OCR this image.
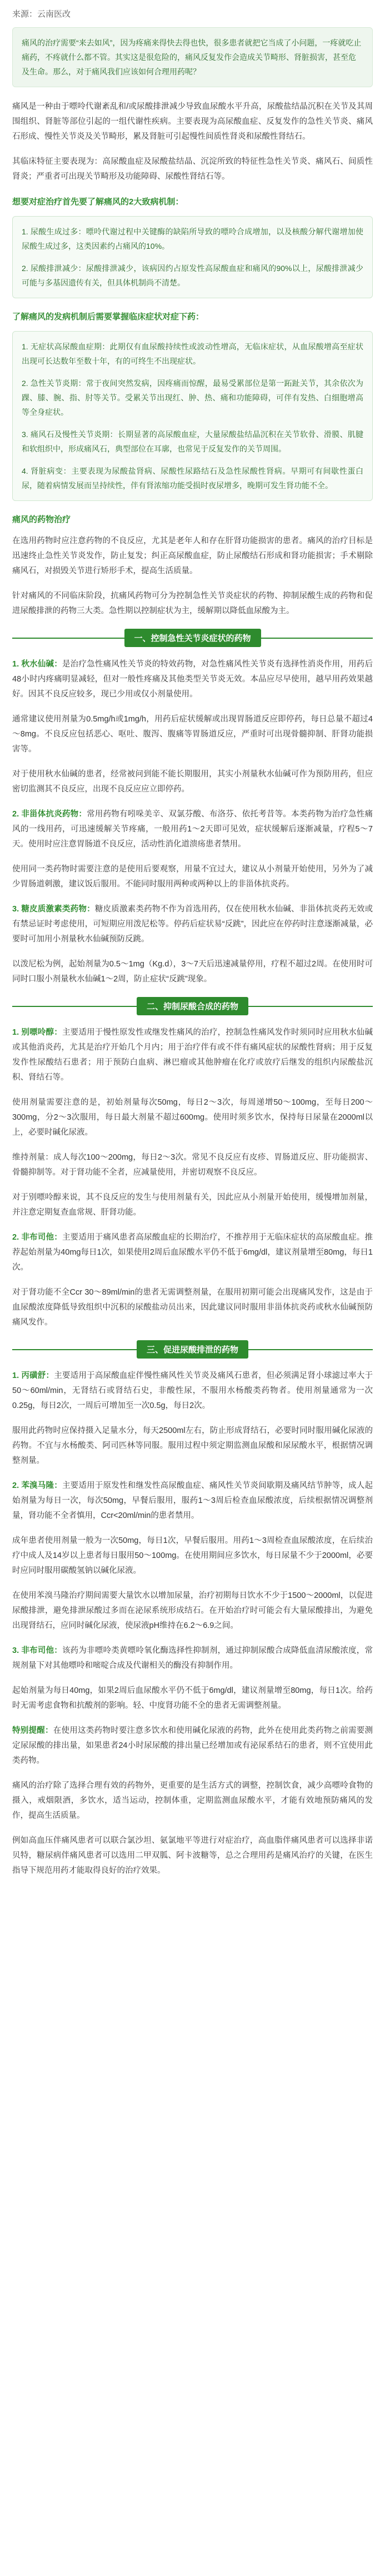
来源：云南医改
痛风的治疗需要“来去如风”，因为疼痛来得快去得也快，很多患者就把它当成了小问题，一疼就吃止痛药，不疼就什么都不管。其实这是很危险的，痛风反复发作会造成关节畸形、肾脏损害，甚至危及生命。那么，对于痛风我们应该如何合理用药呢？

痛风是一种由于嘌呤代谢紊乱和/或尿酸排泄减少导致血尿酸水平升高，尿酸盐结晶沉积在关节及其周围组织、肾脏等部位引起的一组代谢性疾病。主要表现为高尿酸血症、反复发作的急性关节炎、痛风石形成、慢性关节炎及关节畸形，累及肾脏可引起慢性间质性肾炎和尿酸性肾结石。

其临床特征主要表现为：高尿酸血症及尿酸盐结晶、沉淀所致的特征性急性关节炎、痛风石、间质性肾炎；严重者可出现关节畸形及功能障碍、尿酸性肾结石等。

想要对症治疗首先要了解痛风的2大致病机制：

1. 尿酸生成过多：嘌呤代谢过程中关键酶的缺陷所导致的嘌呤合成增加，以及核酸分解代谢增加使尿酸生成过多，这类因素约占痛风的10%。

2. 尿酸排泄减少：尿酸排泄减少，该病因约占原发性高尿酸血症和痛风的90%以上，尿酸排泄减少可能与多基因遗传有关，但具体机制尚不清楚。

了解痛风的发病机制后需要掌握临床症状对症下药：

1. 无症状高尿酸血症期：此期仅有血尿酸持续性或波动性增高，无临床症状，从血尿酸增高至症状出现可长达数年至数十年，有的可终生不出现症状。

2. 急性关节炎期：常于夜间突然发病，因疼痛而惊醒，最易受累部位是第一跖趾关节，其余依次为踝、膝、腕、指、肘等关节。受累关节出现红、肿、热、痛和功能障碍，可伴有发热、白细胞增高等全身症状。

3. 痛风石及慢性关节炎期：长期显著的高尿酸血症，大量尿酸盐结晶沉积在关节软骨、滑膜、肌腱和软组织中，形成痛风石，典型部位在耳廓，也常见于反复发作的关节周围。

4. 肾脏病变：主要表现为尿酸盐肾病、尿酸性尿路结石及急性尿酸性肾病。早期可有间歇性蛋白尿，随着病情发展而呈持续性，伴有肾浓缩功能受损时夜尿增多，晚期可发生肾功能不全。

痛风的药物治疗

在选用药物时应注意药物的不良反应，尤其是老年人和存在肝肾功能损害的患者。痛风的治疗目标是迅速终止急性关节炎发作，防止复发；纠正高尿酸血症，防止尿酸结石形成和肾功能损害；手术剔除痛风石，对损毁关节进行矫形手术，提高生活质量。

针对痛风的不同临床阶段，抗痛风药物可分为控制急性关节炎症状的药物、抑制尿酸生成的药物和促进尿酸排泄的药物三大类。急性期以控制症状为主，缓解期以降低血尿酸为主。

一、控制急性关节炎症状的药物

1. 秋水仙碱：是治疗急性痛风性关节炎的特效药物，对急性痛风性关节炎有选择性消炎作用，用药后48小时内疼痛明显减轻，但对一般性疼痛及其他类型关节炎无效。本品应尽早使用，越早用药效果越好。因其不良反应较多，现已少用或仅小剂量使用。

通常建议使用剂量为0.5mg/h或1mg/h，用药后症状缓解或出现胃肠道反应即停药，每日总量不超过4～8mg。不良反应包括恶心、呕吐、腹泻、腹痛等胃肠道反应，严重时可出现骨髓抑制、肝肾功能损害等。

对于使用秋水仙碱的患者，经常被问到能不能长期服用，其实小剂量秋水仙碱可作为预防用药，但应密切监测其不良反应，出现不良反应应立即停药。

2. 非甾体抗炎药物：常用药物有吲哚美辛、双氯芬酸、布洛芬、依托考昔等。本类药物为治疗急性痛风的一线用药，可迅速缓解关节疼痛，一般用药1～2天即可见效，症状缓解后逐渐减量，疗程5～7天。使用时应注意胃肠道不良反应，活动性消化道溃疡患者禁用。

使用同一类药物时需要注意的是使用后要观察，用量不宜过大，建议从小剂量开始使用，另外为了减少胃肠道刺激，建议饭后服用。不能同时服用两种或两种以上的非甾体抗炎药。

3. 糖皮质激素类药物：糖皮质激素类药物不作为首选用药，仅在使用秋水仙碱、非甾体抗炎药无效或有禁忌证时考虑使用，可短期应用泼尼松等。停药后症状易“反跳”，因此应在停药时注意逐渐减量，必要时可加用小剂量秋水仙碱预防反跳。

以泼尼松为例，起始剂量为0.5～1mg（Kg.d），3～7天后迅速减量停用，疗程不超过2周。在使用时可同时口服小剂量秋水仙碱1～2周，防止症状“反跳”现象。

二、抑制尿酸合成的药物

1. 别嘌呤醇：主要适用于慢性原发性或继发性痛风的治疗，控制急性痛风发作时须同时应用秋水仙碱或其他消炎药，尤其是治疗开始几个月内；用于治疗伴有或不伴有痛风症状的尿酸性肾病；用于反复发作性尿酸结石患者；用于预防白血病、淋巴瘤或其他肿瘤在化疗或放疗后继发的组织内尿酸盐沉积、肾结石等。

使用剂量需要注意的是，初始剂量每次50mg，每日2～3次，每周递增50～100mg，至每日200～300mg，分2～3次服用，每日最大剂量不超过600mg。使用时须多饮水，保持每日尿量在2000ml以上，必要时碱化尿液。

维持剂量：成人每次100～200mg，每日2～3次。常见不良反应有皮疹、胃肠道反应、肝功能损害、骨髓抑制等。对于肾功能不全者，应减量使用，并密切观察不良反应。

对于别嘌呤醇来说，其不良反应的发生与使用剂量有关，因此应从小剂量开始使用，缓慢增加剂量，并注意定期复查血常规、肝肾功能。

2. 非布司他：主要适用于痛风患者高尿酸血症的长期治疗，不推荐用于无临床症状的高尿酸血症。推荐起始剂量为40mg每日1次，如果使用2周后血尿酸水平仍不低于6mg/dl，建议剂量增至80mg，每日1次。

对于肾功能不全Ccr 30～89ml/min的患者无需调整剂量，在服用初期可能会出现痛风发作，这是由于血尿酸浓度降低导致组织中沉积的尿酸盐动员出来，因此建议同时服用非甾体抗炎药或秋水仙碱预防痛风发作。

三、促进尿酸排泄的药物

1. 丙磺舒：主要适用于高尿酸血症伴慢性痛风性关节炎及痛风石患者，但必须满足肾小球滤过率大于50～60ml/min，无肾结石或肾结石史，非酸性尿，不服用水杨酸类药物者。使用剂量通常为一次0.25g，每日2次，一周后可增加至一次0.5g，每日2次。

服用此药物时应保持摄入足量水分，每天2500ml左右，防止形成肾结石，必要时同时服用碱化尿液的药物。不宜与水杨酸类、阿司匹林等同服。服用过程中须定期监测血尿酸和尿尿酸水平，根据情况调整剂量。

2. 苯溴马隆：主要适用于原发性和继发性高尿酸血症、痛风性关节炎间歇期及痛风结节肿等，成人起始剂量为每日一次，每次50mg，早餐后服用，服药1～3周后检查血尿酸浓度，后续根据情况调整剂量，肾功能不全者慎用，Ccr<20ml/min的患者禁用。

成年患者使用剂量一般为一次50mg，每日1次，早餐后服用。用药1～3周检查血尿酸浓度，在后续治疗中成人及14岁以上患者每日服用50～100mg。在使用期间应多饮水，每日尿量不少于2000ml，必要时应同时服用碳酸氢钠以碱化尿液。

在使用苯溴马隆治疗期间需要大量饮水以增加尿量，治疗初期每日饮水不少于1500～2000ml，以促进尿酸排泄，避免排泄尿酸过多而在泌尿系统形成结石。在开始治疗时可能会有大量尿酸排出，为避免出现肾结石，应同时碱化尿液，使尿液pH维持在6.2～6.9之间。

3. 非布司他：该药为非嘌呤类黄嘌呤氧化酶选择性抑制剂，通过抑制尿酸合成降低血清尿酸浓度，常规剂量下对其他嘌呤和嘧啶合成及代谢相关的酶没有抑制作用。

起始剂量为每日40mg，如果2周后血尿酸水平仍不低于6mg/dl，建议剂量增至80mg，每日1次。给药时无需考虑食物和抗酸剂的影响。轻、中度肾功能不全的患者无需调整剂量。

特别提醒：在使用这类药物时要注意多饮水和使用碱化尿液的药物，此外在使用此类药物之前需要测定尿尿酸的排出量，如果患者24小时尿尿酸的排出量已经增加或有泌尿系结石的患者，则不宜使用此类药物。

痛风的治疗除了选择合理有效的药物外，更重要的是生活方式的调整，控制饮食，减少高嘌呤食物的摄入，戒烟限酒，多饮水，适当运动，控制体重，定期监测血尿酸水平，才能有效地预防痛风的发作，提高生活质量。

例如高血压伴痛风患者可以联合氯沙坦、氨氯地平等进行对症治疗，高血脂伴痛风患者可以选择非诺贝特，糖尿病伴痛风患者可以选用二甲双胍、阿卡波糖等，总之合理用药是痛风治疗的关键，在医生指导下规范用药才能取得良好的治疗效果。
